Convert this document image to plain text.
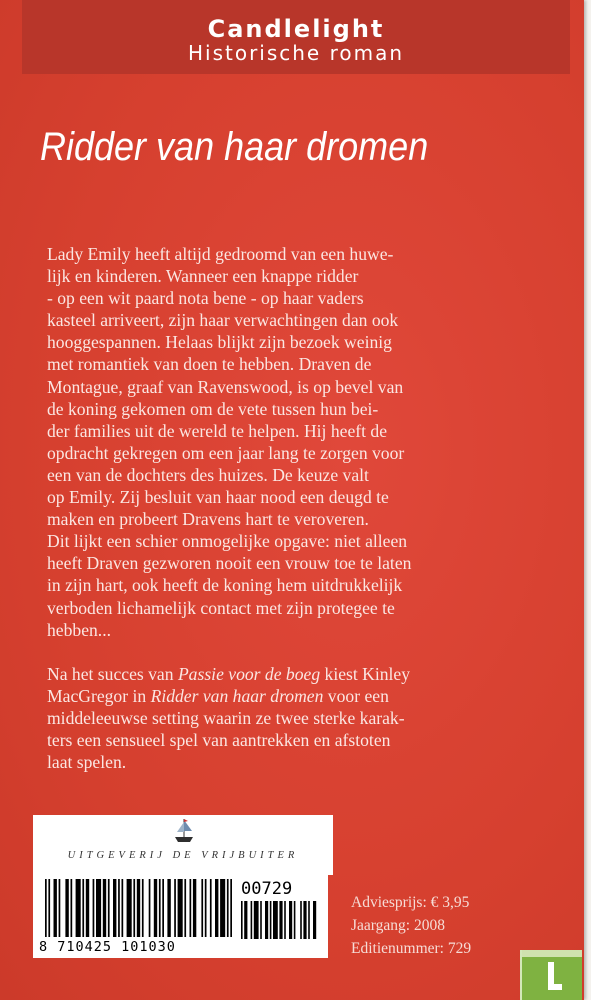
Candlelight
Historische roman
Ridder van haar dromen

Lady Emily heeft altijd gedroomd van een huwe-
lijk en kinderen. Wanneer een knappe ridder
- op een wit paard nota bene - op haar vaders
kasteel arriveert, zijn haar verwachtingen dan ook
hooggespannen. Helaas blijkt zijn bezoek weinig
met romantiek van doen te hebben. Draven de
Montague, graaf van Ravenswood, is op bevel van
de koning gekomen om de vete tussen hun bei-
der families uit de wereld te helpen. Hij heeft de
opdracht gekregen om een jaar lang te zorgen voor
een van de dochters des huizes. De keuze valt
op Emily. Zij besluit van haar nood een deugd te
maken en probeert Dravens hart te veroveren.
Dit lijkt een schier onmogelijke opgave: niet alleen
heeft Draven gezworen nooit een vrouw toe te laten
in zijn hart, ook heeft de koning hem uitdrukkelijk
verboden lichamelijk contact met zijn protegee te
hebben...

Na het succes van Passie voor de boeg kiest Kinley
MacGregor in Ridder van haar dromen voor een
middeleeuwse setting waarin ze twee sterke karak-
ters een sensueel spel van aantrekken en afstoten
laat spelen.

UITGEVERIJ DE VRIJBUITER
00729
8 710425 101030
Adviesprijs: € 3,95
Jaargang: 2008
Editienummer: 729
